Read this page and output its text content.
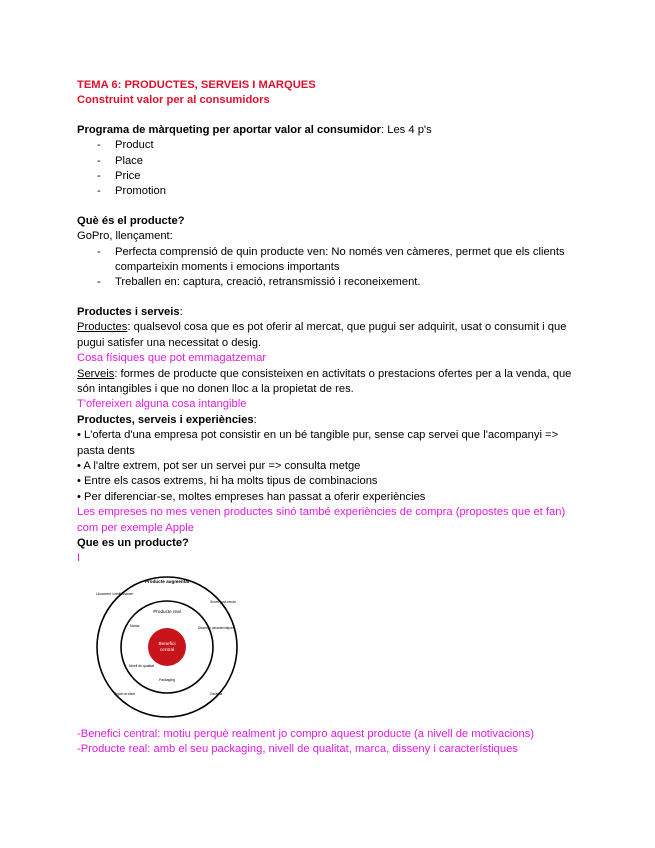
TEMA 6: PRODUCTES, SERVEIS I MARQUES

Construint valor per al consumidors

Programa de màrqueting per aportar valor al consumidor: Les 4 p's

- Product
- Place
- Price
- Promotion

Què és el producte?

GoPro, llençament:

- Perfecta comprensió de quin producte ven: No només ven càmeres, permet que els clients comparteixin moments i emocions importants
- Treballen en: captura, creació, retransmissió i reconeixement.

Productes i serveis:

Productes: qualsevol cosa que es pot oferir al mercat, que pugui ser adquirit, usat o consumit i que pugui satisfer una necessitat o desig.

Cosa físiques que pot emmagatzemar

Serveis: formes de producte que consisteixen en activitats o prestacions ofertes per a la venda, que són intangibles i que no donen lloc a la propietat de res.

T'ofereixen alguna cosa intangible

Productes, serveis i experiències:

• L'oferta d'una empresa pot consistir en un bé tangible pur, sense cap servei que l'acompanyi => pasta dents

• A l'altre extrem, pot ser un servei pur => consulta metge

• Entre els casos extrems, hi ha molts tipus de combinacions

• Per diferenciar-se, moltes empreses han passat a oferir experiències

Les empreses no mes venen productes sinó també experiències de compra (propostes que et fan) com per exemple Apple

Que es un producte?

I

Producte augmental
Producte real
Benefici
central
Lliurament i crèdit financer
Marca
Nivell de qualitat
Servei post-venda
Disseny i característiques
Packaging
Suport al client	Garantia

-Benefici central: motiu perquè realment jo compro aquest producte (a nivell de motivacions)

-Producte real: amb el seu packaging, nivell de qualitat, marca, disseny i característiques
